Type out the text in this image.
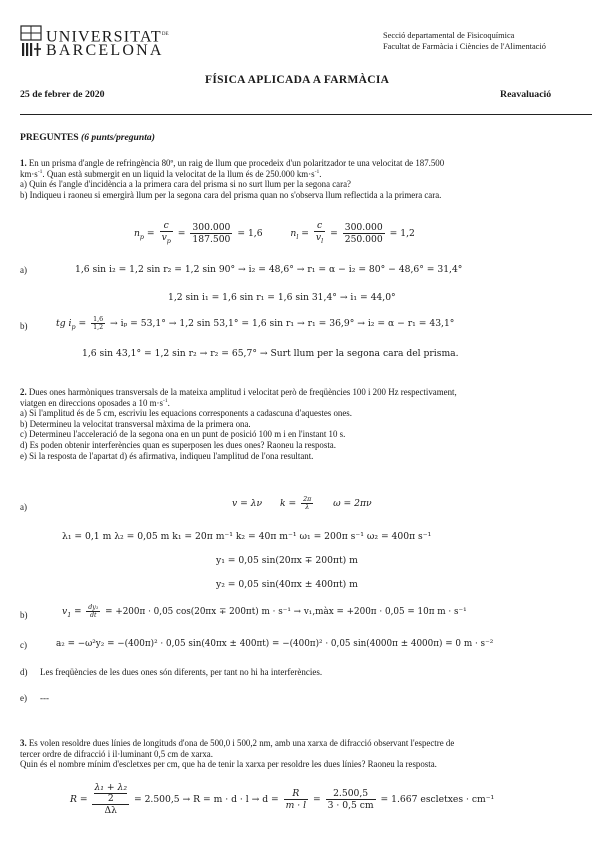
$UNIVERSITAT^{DE}$
BARCELONA
Secció departamental de Fisicoquímica
Facultat de Farmàcia i Ciències de l'Alimentació
FÍSICA APLICADA A FARMÀCIA
25 de febrer de 2020	Reavaluació
PREGUNTES (6 punts/pregunta)
1. En un prisma d'angle de refringència 80º, un raig de llum que procedeix d'un polaritzador te una velocitat de 187.500
$km\cdot s^{-1}$. Quan està submergit en un liquid la velocitat de la llum és de 250.000 $km\cdot s^{-1}$.
a) Quin és l'angle d'incidència a la primera cara del prisma si no surt llum per la segona cara?
b) Indiqueu i raoneu si emergirà llum per la segona cara del prisma quan no s'observa llum reflectida a la primera cara.
$n_p = \frac{c}{v_p} = \frac{300.000}{187.500} = 1,6$	$n_l = \frac{c}{v_l} = \frac{300.000}{250.000} = 1,2$
a)	1,6 sin i₂ = 1,2 sin r₂ = 1,2 sin 90° → i₂ = 48,6° → r₁ = α − i₂ = 80° − 48,6° = 31,4°
1,2 sin i₁ = 1,6 sin r₁ = 1,6 sin 31,4° → i₁ = 44,0°
b)	tg $i_p = \frac{1,6}{1,2} \to i_p = 53,1^\circ \to 1,2$ sin 53,1° = 1,6 sin r₁ → r₁ = 36,9° → i₂ = α − r₁ = 43,1°
1,6 sin 43,1° = 1,2 sin r₂ → r₂ = 65,7° → Surt llum per la segona cara del prisma.
2. Dues ones harmòniques transversals de la mateixa amplitud i velocitat però de freqüències 100 i 200 Hz respectivament,
viatgen en direccions oposades a 10 $m\cdot s^{-1}$.
a) Si l'amplitud és de 5 cm, escriviu les equacions corresponents a cadascuna d'aquestes ones.
b) Determineu la velocitat transversal màxima de la primera ona.
c) Determineu l'acceleració de la segona ona en un punt de posició 100 m i en l'instant 10 s.
d) Es poden obtenir interferències quan es superposen les dues ones? Raoneu la resposta.
e) Si la resposta de l'apartat d) és afirmativa, indiqueu l'amplitud de l'ona resultant.
a)	v = λν $k = \frac{2\pi}{\lambda}$ ω = 2πν
λ₁ = 0,1 m λ₂ = 0,05 m k₁ = 20π m⁻¹ k₂ = 40π m⁻¹ ω₁ = 200π s⁻¹ ω₂ = 400π s⁻¹
y₁ = 0,05 sin(20πx ∓ 200πt) m
y₂ = 0,05 sin(40πx ± 400πt) m
b)	$v_1 = \frac{\text{dy₁}}{dt} = +200\pi \cdot 0,05$ cos(20πx ∓ 200πt) m · s⁻¹ → v₁,màx = +200π · 0,05 = 10π m · s⁻¹
c)	a₂ = −ω²y₂ = −(400π)² · 0,05 sin(40πx ± 400πt) = −(400π)² · 0,05 sin(4000π ± 4000π) = 0 m · s⁻²
d) Les freqüències de les dues ones són diferents, per tant no hi ha interferències.
e) ---
3. Es volen resoldre dues línies de longituds d'ona de 500,0 i 500,2 nm, amb una xarxa de difracció observant l'espectre de
tercer ordre de difracció i il·luminant 0,5 cm de xarxa.
Quin és el nombre mínim d'escletxes per cm, que ha de tenir la xarxa per resoldre les dues línies? Raoneu la resposta.
R = λ₁ + λ₂
2
$\Delta\lambda = 2.500,5 \to R = m \cdot d \cdot l \to d = \frac{R}{m \cdot l} = \frac{2.500,5}{3 \cdot 0,5 cm} = 1.667$ escletxes · cm⁻¹
